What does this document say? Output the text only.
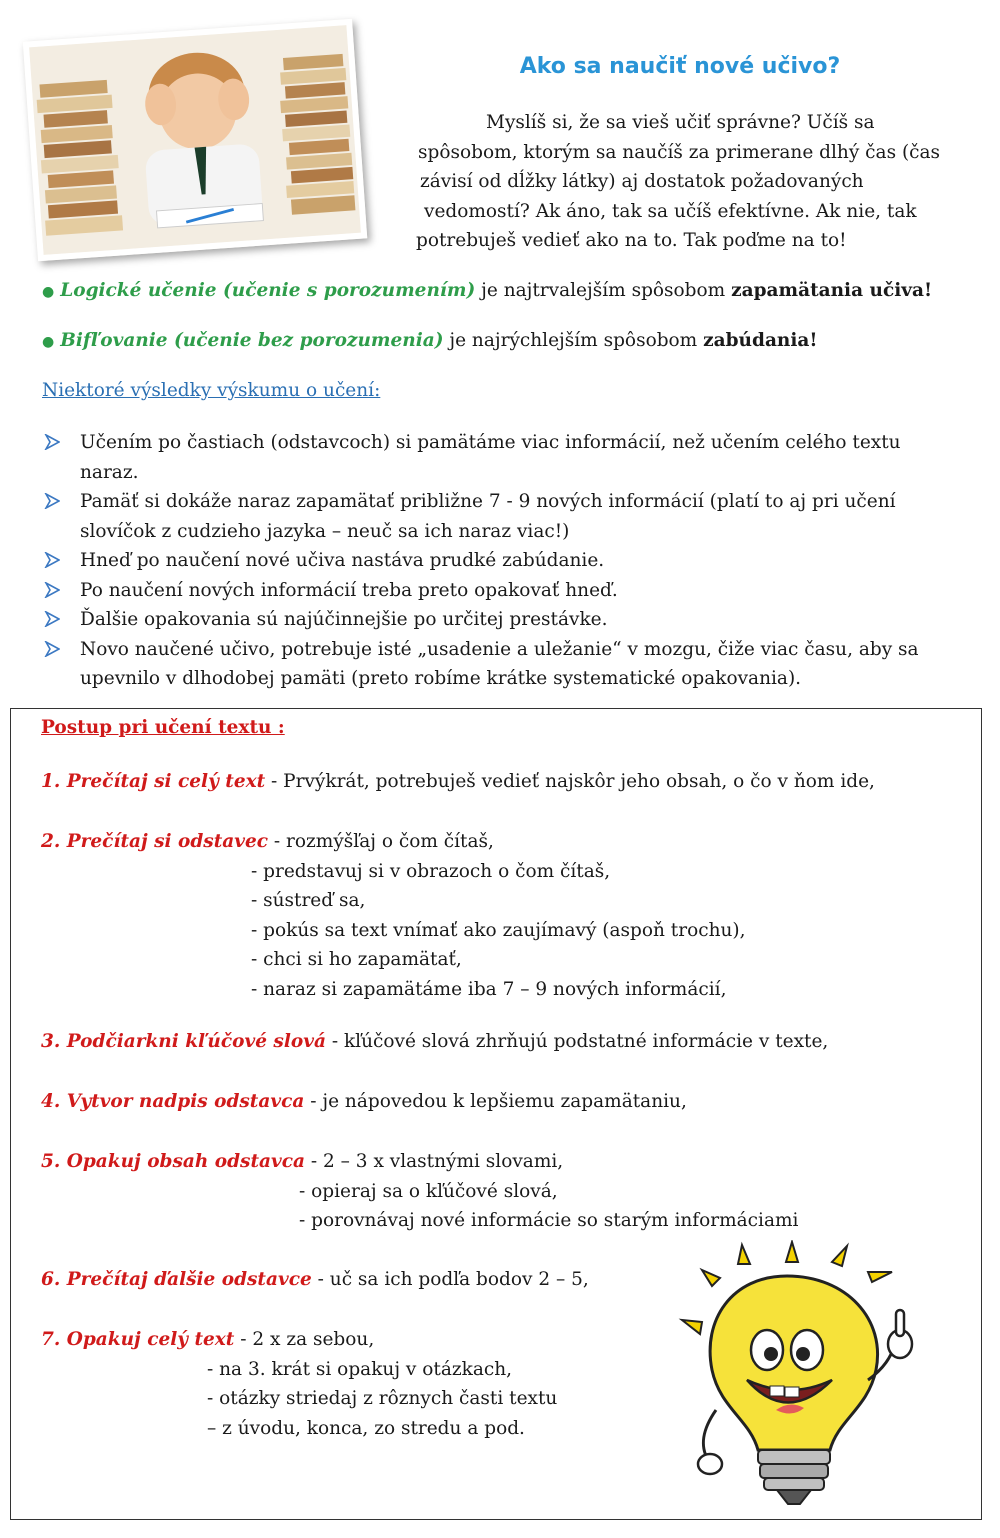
Ako sa naučiť nové učivo?
Myslíš si, že sa vieš učiť správne? Učíš sa
spôsobom, ktorým sa naučíš za primerane dlhý čas (čas
závisí od dĺžky látky) aj dostatok požadovaných
vedomostí? Ak áno, tak sa učíš efektívne. Ak nie, tak
potrebuješ vedieť ako na to. Tak poďme na to!
● Logické učenie (učenie s porozumením) je najtrvalejším spôsobom zapamätania učiva!
● Bifľovanie (učenie bez porozumenia) je najrýchlejším spôsobom zabúdania!
Niektoré výsledky výskumu o učení:
Učením po častiach (odstavcoch) si pamätáme viac informácií, než učením celého textu
naraz.
Pamäť si dokáže naraz zapamätať približne 7 - 9 nových informácií (platí to aj pri učení
slovíčok z cudzieho jazyka – neuč sa ich naraz viac!)
Hneď po naučení nové učiva nastáva prudké zabúdanie.
Po naučení nových informácií treba preto opakovať hneď.
Ďalšie opakovania sú najúčinnejšie po určitej prestávke.
Novo naučené učivo, potrebuje isté „usadenie a uležanie“ v mozgu, čiže viac času, aby sa
upevnilo v dlhodobej pamäti (preto robíme krátke systematické opakovania).
Postup pri učení textu :
1. Prečítaj si celý text - Prvýkrát, potrebuješ vedieť najskôr jeho obsah, o čo v ňom ide,
2. Prečítaj si odstavec - rozmýšľaj o čom čítaš,
- predstavuj si v obrazoch o čom čítaš,
- sústreď sa,
- pokús sa text vnímať ako zaujímavý (aspoň trochu),
- chci si ho zapamätať,
- naraz si zapamätáme iba 7 – 9 nových informácií,
3. Podčiarkni kľúčové slová - kľúčové slová zhrňujú podstatné informácie v texte,
4. Vytvor nadpis odstavca - je nápovedou k lepšiemu zapamätaniu,
5. Opakuj obsah odstavca - 2 – 3 x vlastnými slovami,
- opieraj sa o kľúčové slová,
- porovnávaj nové informácie so starým informáciami
6. Prečítaj ďalšie odstavce - uč sa ich podľa bodov 2 – 5,
7. Opakuj celý text - 2 x za sebou,
- na 3. krát si opakuj v otázkach,
- otázky striedaj z rôznych časti textu
– z úvodu, konca, zo stredu a pod.
